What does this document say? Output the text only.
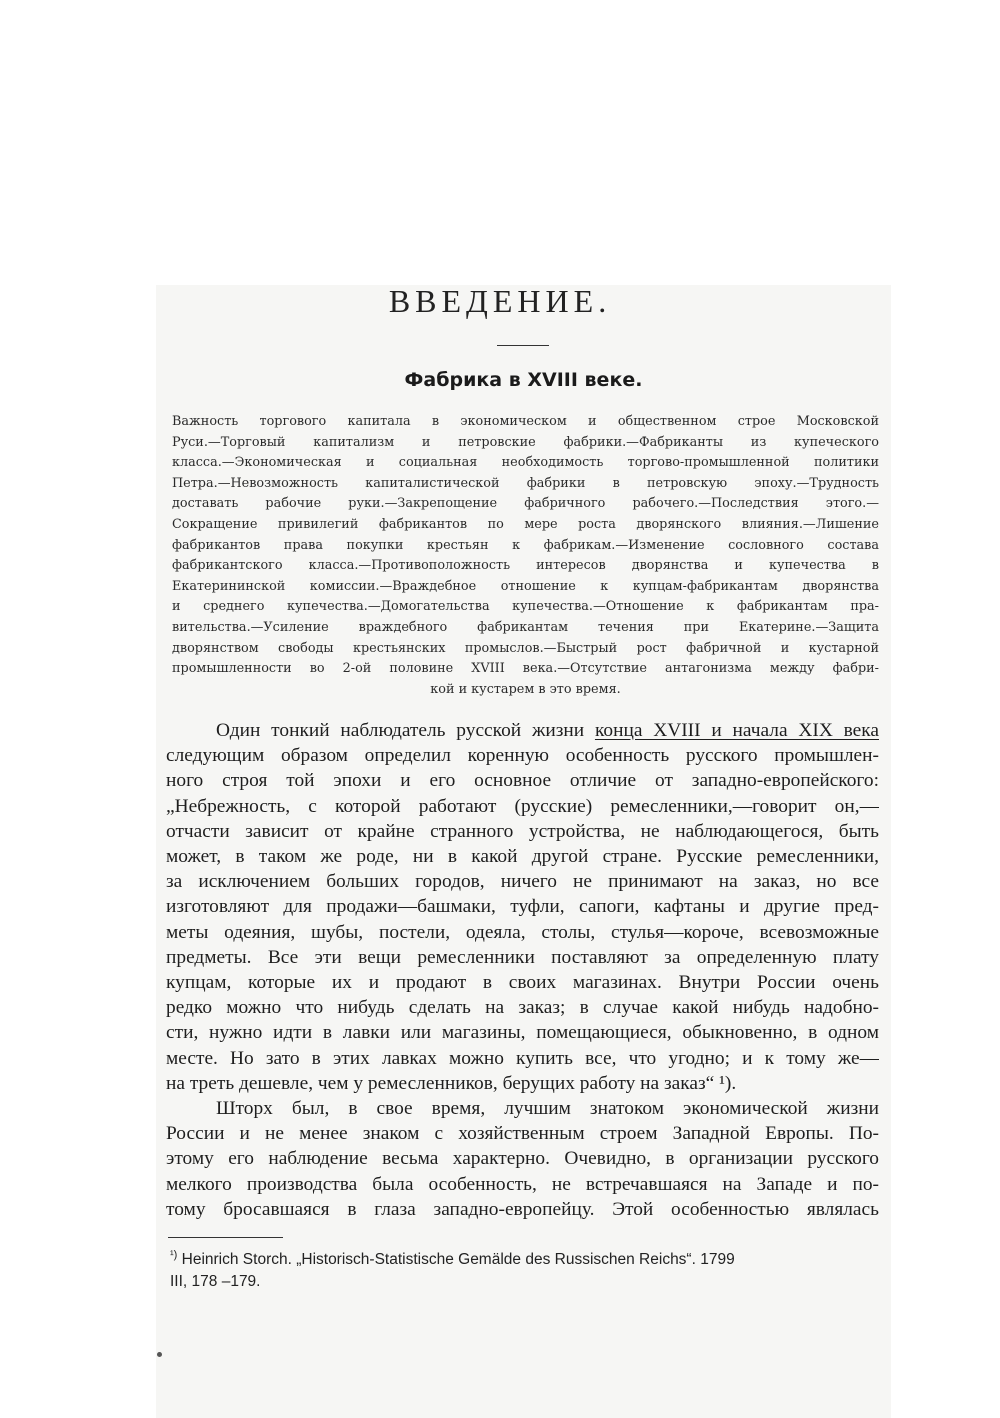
ВВЕДЕНИЕ.
Фабрика в XVIII веке.
Важность торгового капитала в экономическом и общественном строе Московской
Руси.—Торговый капитализм и петровские фабрики.—Фабриканты из купеческого
класса.—Экономическая и социальная необходимость торгово-промышленной политики
Петра.—Невозможность капиталистической фабрики в петровскую эпоху.—Трудность
доставать рабочие руки.—Закрепощение фабричного рабочего.—Последствия этого.—
Сокращение привилегий фабрикантов по мере роста дворянского влияния.—Лишение
фабрикантов права покупки крестьян к фабрикам.—Изменение сословного состава
фабрикантского класса.—Противоположность интересов дворянства и купечества в
Екатерининской комиссии.—Враждебное отношение к купцам-фабрикантам дворянства
и среднего купечества.—Домогательства купечества.—Отношение к фабрикантам пра-
вительства.—Усиление враждебного фабрикантам течения при Екатерине.—Защита
дворянством свободы крестьянских промыслов.—Быстрый рост фабричной и кустарной
промышленности во 2-ой половине XVIII века.—Отсутствие антагонизма между фабри-
кой и кустарем в это время.
Один тонкий наблюдатель русской жизни конца XVIII и начала XIX века
следующим образом определил коренную особенность русского промышлен-
ного строя той эпохи и его основное отличие от западно-европейского:
„Небрежность, с которой работают (русские) ремесленники,—говорит он,—
отчасти зависит от крайне странного устройства, не наблюдающегося, быть
может, в таком же роде, ни в какой другой стране. Русские ремесленники,
за исключением больших городов, ничего не принимают на заказ, но все
изготовляют для продажи—башмаки, туфли, сапоги, кафтаны и другие пред-
меты одеяния, шубы, постели, одеяла, столы, стулья—короче, всевозможные
предметы. Все эти вещи ремесленники поставляют за определенную плату
купцам, которые их и продают в своих магазинах. Внутри России очень
редко можно что нибудь сделать на заказ; в случае какой нибудь надобно-
сти, нужно идти в лавки или магазины, помещающиеся, обыкновенно, в одном
месте. Но зато в этих лавках можно купить все, что угодно; и к тому же—
на треть дешевле, чем у ремесленников, берущих работу на заказ“ ¹).
Шторх был, в свое время, лучшим знатоком экономической жизни
России и не менее знаком с хозяйственным строем Западной Европы. По-
этому его наблюдение весьма характерно. Очевидно, в организации русского
мелкого производства была особенность, не встречавшаяся на Западе и по-
тому бросавшаяся в глаза западно-европейцу. Этой особенностью являлась
$^{^1)}$ Heinrich Storch. „Historisch-Statistische Gemälde des Russischen Reichs“. 1799
III, 178 –179.
